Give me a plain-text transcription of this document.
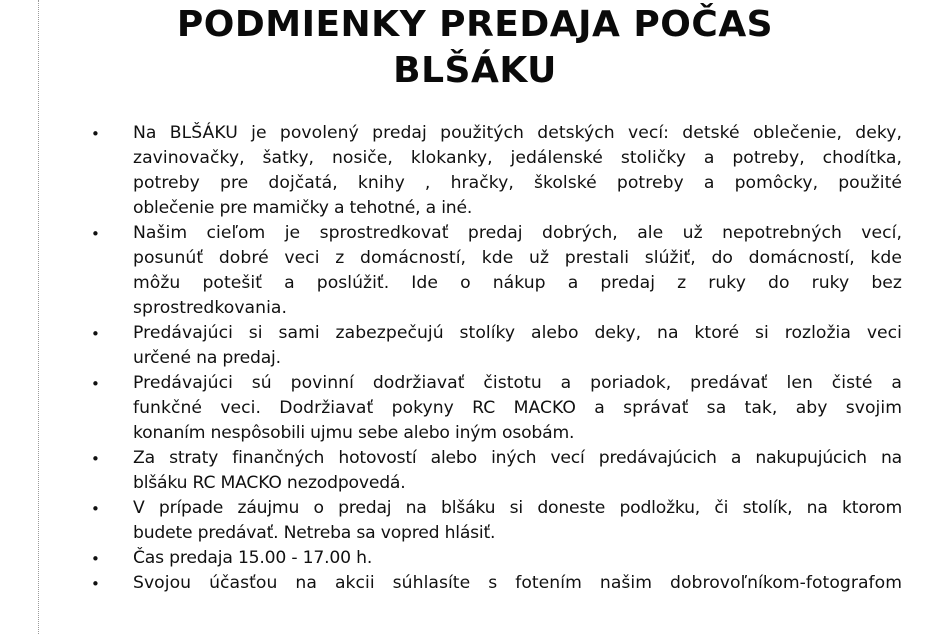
PODMIENKY PREDAJA POČAS
BLŠÁKU
• Na BLŠÁKU je povolený predaj použitých detských vecí: detské oblečenie, deky,
zavinovačky, šatky, nosiče, klokanky, jedálenské stoličky a potreby, chodítka,
potreby pre dojčatá, knihy , hračky, školské potreby a pomôcky, použité
oblečenie pre mamičky a tehotné, a iné.
• Našim cieľom je sprostredkovať predaj dobrých, ale už nepotrebných vecí,
posunúť dobré veci z domácností, kde už prestali slúžiť, do domácností, kde
môžu potešiť a poslúžiť. Ide o nákup a predaj z ruky do ruky bez
sprostredkovania.
• Predávajúci si sami zabezpečujú stolíky alebo deky, na ktoré si rozložia veci
určené na predaj.
• Predávajúci sú povinní dodržiavať čistotu a poriadok, predávať len čisté a
funkčné veci. Dodržiavať pokyny RC MACKO a správať sa tak, aby svojim
konaním nespôsobili ujmu sebe alebo iným osobám.
• Za straty finančných hotovostí alebo iných vecí predávajúcich a nakupujúcich na
blšáku RC MACKO nezodpovedá.
• V prípade záujmu o predaj na blšáku si doneste podložku, či stolík, na ktorom
budete predávať. Netreba sa vopred hlásiť.
• Čas predaja 15.00 - 17.00 h.
• Svojou účasťou na akcii súhlasíte s fotením našim dobrovoľníkom-fotografom
